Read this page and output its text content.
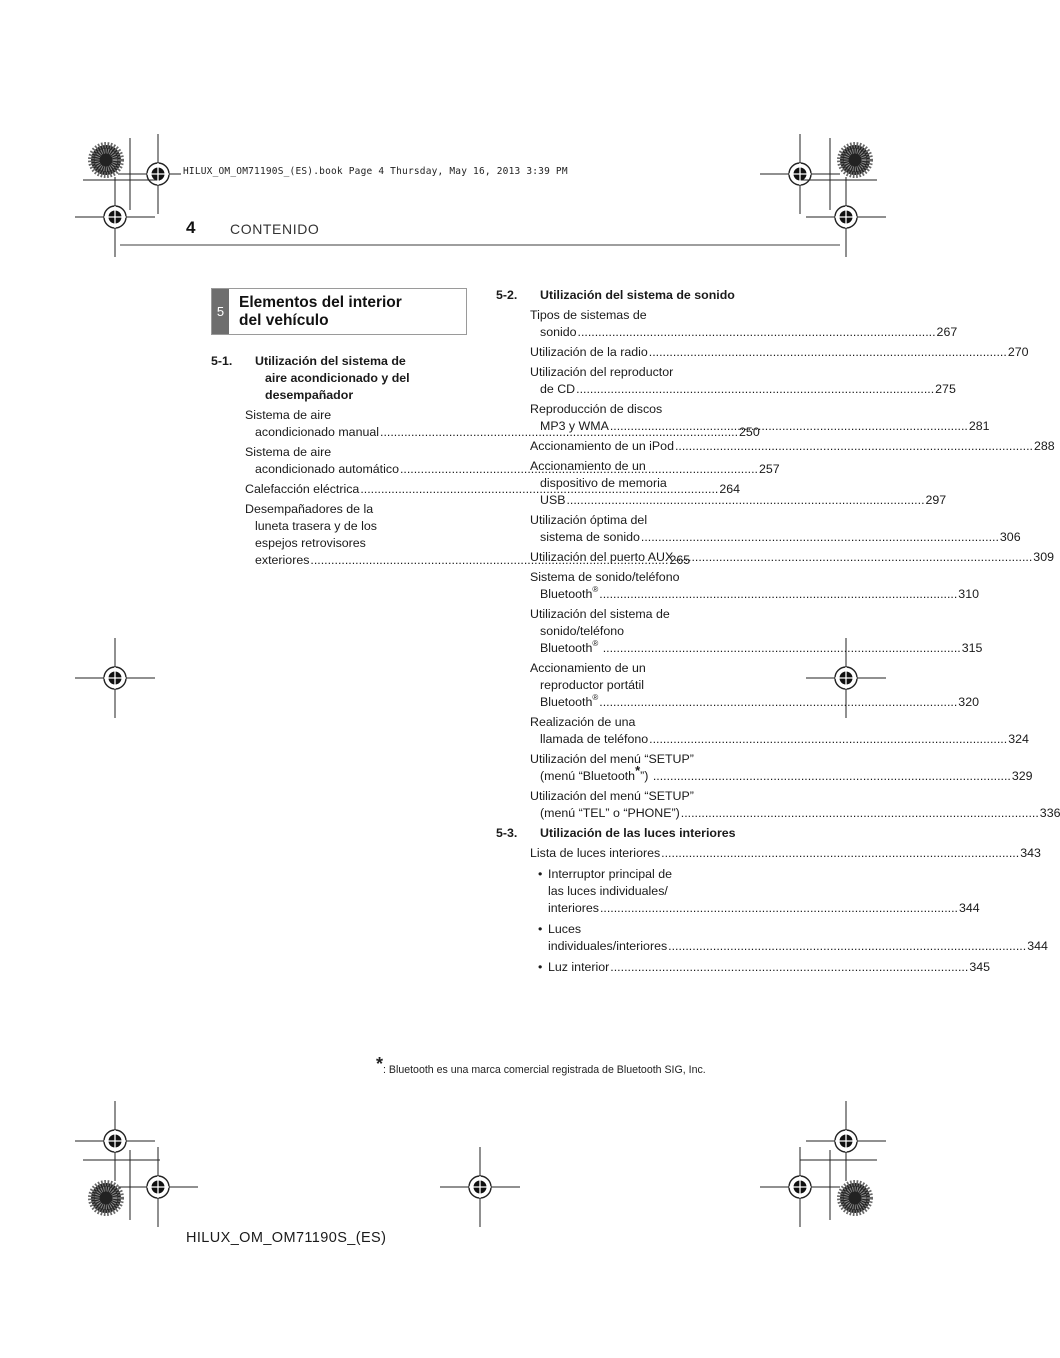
HILUX_OM_OM71190S_(ES).book Page 4 Thursday, May 16, 2013 3:39 PM
4 CONTENIDO
5
Elementos del interior
del vehículo
5-1. Utilización del sistema de
aire acondicionado y del
desempañador
Sistema de aire
acondicionado manual .....	250
Sistema de aire
acondicionado automático .....	257
Calefacción eléctrica .....	264
Desempañadores de la
luneta trasera y de los
espejos retrovisores
exteriores .....	265
5-2. Utilización del sistema de sonido
Tipos de sistemas de
sonido .....	267
Utilización de la radio .....	270
Utilización del reproductor
de CD .....	275
Reproducción de discos
MP3 y WMA .....	281
Accionamiento de un iPod .....	288
Accionamiento de un
dispositivo de memoria
USB .....	297
Utilización óptima del
sistema de sonido .....	306
Utilización del puerto AUX .....	309
Sistema de sonido/teléfono
Bluetooth® .....	310
Utilización del sistema de
sonido/teléfono
Bluetooth® .....	315
Accionamiento de un
reproductor portátil
Bluetooth® .....	320
Realización de una
llamada de teléfono .....	324
Utilización del menú “SETUP”
(menú “Bluetooth*”) .....	329
Utilización del menú “SETUP”
(menú “TEL” o “PHONE”) .....	336
5-3. Utilización de las luces interiores
Lista de luces interiores .....	343
• Interruptor principal de
las luces individuales/
interiores .....	344
• Luces
individuales/interiores .....	344
• Luz interior .....	345
*: Bluetooth es una marca comercial registrada de Bluetooth SIG, Inc.
HILUX_OM_OM71190S_(ES)
